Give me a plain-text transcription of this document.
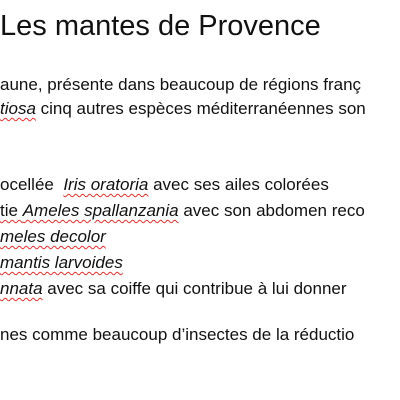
Les mantes de Provence
aune, présente dans beaucoup de régions franç
tiosa cinq autres espèces méditerranéennes son
ocellée  Iris oratoria avec ses ailes colorées
tie Ameles spallanzania avec son abdomen reco
meles decolor
mantis larvoides
nnata avec sa coiffe qui contribue à lui donner
nes comme beaucoup d’insectes de la réductio
